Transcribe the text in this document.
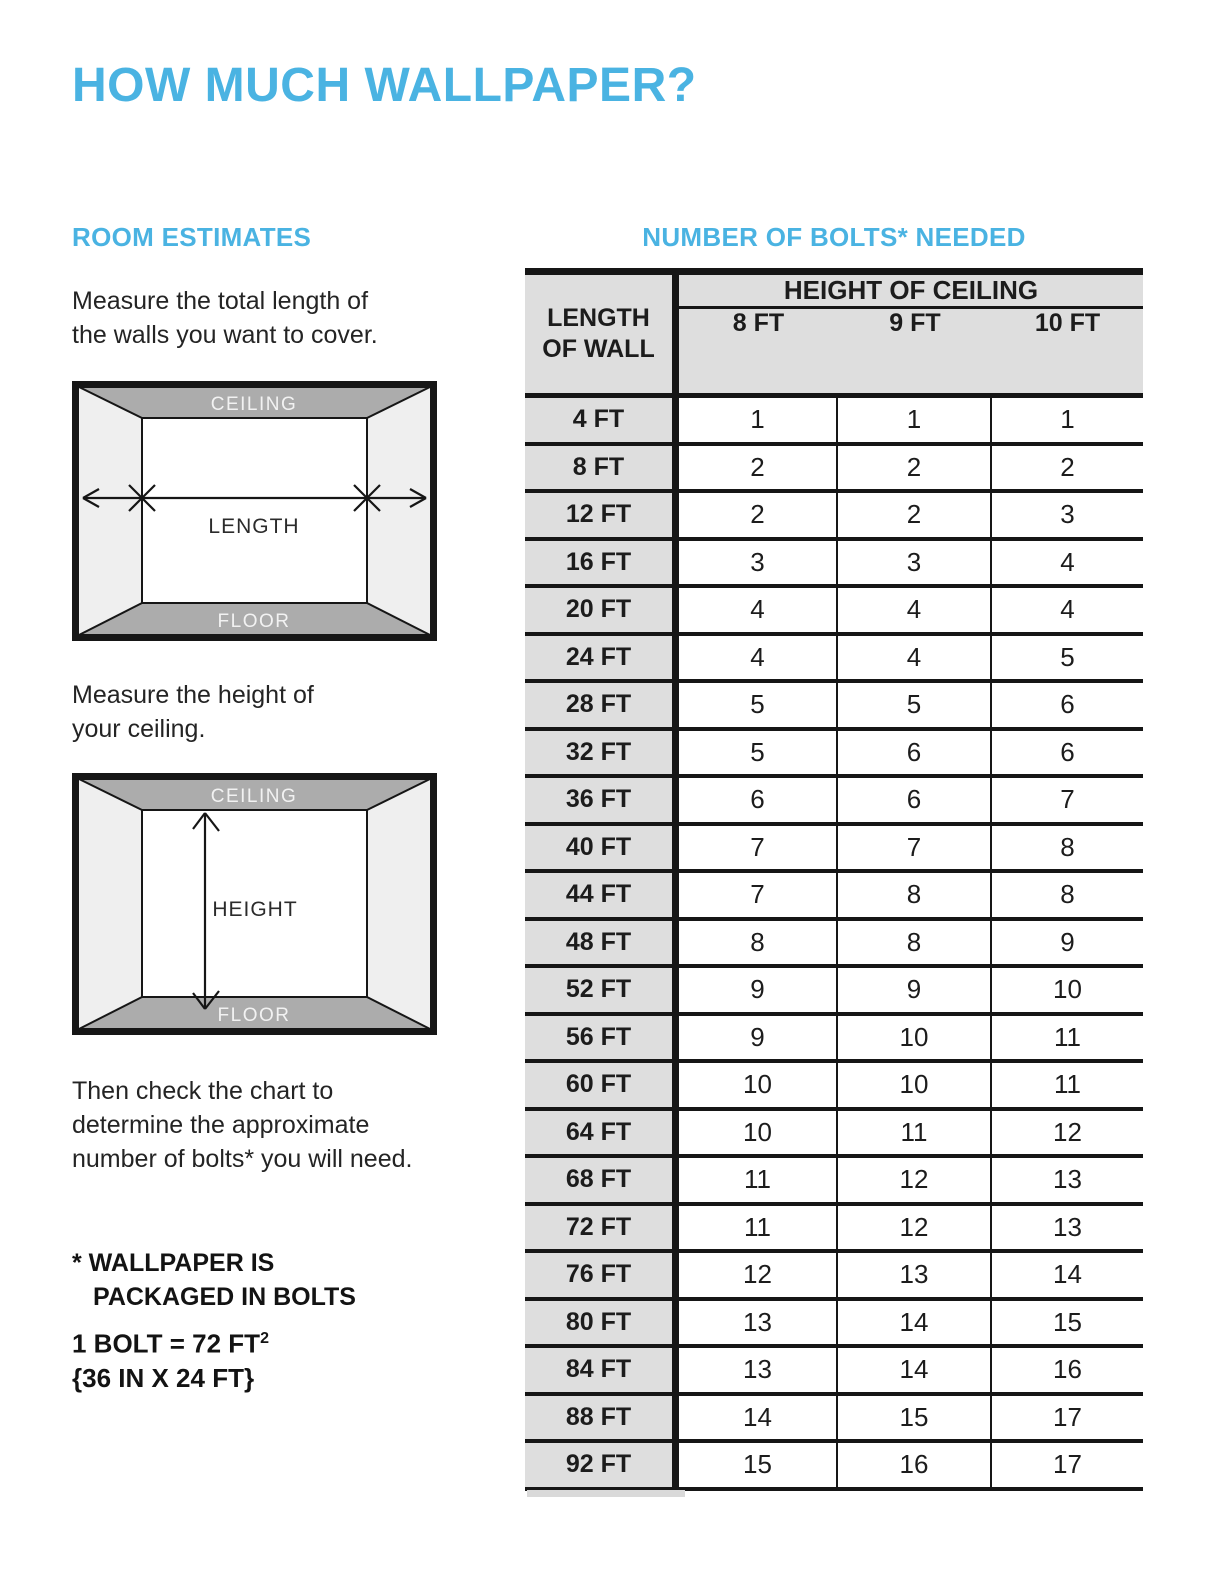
HOW MUCH WALLPAPER?
ROOM ESTIMATES
Measure the total length of
the walls you want to cover.
CEILING
FLOOR
LENGTH
Measure the height of
your ceiling.
CEILING
FLOOR
HEIGHT
Then check the chart to
determine the approximate
number of bolts* you will need.
* WALLPAPER IS
PACKAGED IN BOLTS
1 BOLT = 72 $FT^2$
{36 IN X 24 FT}
NUMBER OF BOLTS* NEEDED
LENGTH
OF WALL
HEIGHT OF CEILING
8 FT	9 FT	10 FT
4 FT	1	1	1
8 FT	2	2	2
12 FT	2	2	3
16 FT	3	3	4
20 FT	4	4	4
24 FT	4	4	5
28 FT	5	5	6
32 FT	5	6	6
36 FT	6	6	7
40 FT	7	7	8
44 FT	7	8	8
48 FT	8	8	9
52 FT	9	9	10
56 FT	9	10	11
60 FT	10	10	11
64 FT	10	11	12
68 FT	11	12	13
72 FT	11	12	13
76 FT	12	13	14
80 FT	13	14	15
84 FT	13	14	16
88 FT	14	15	17
92 FT	15	16	17
